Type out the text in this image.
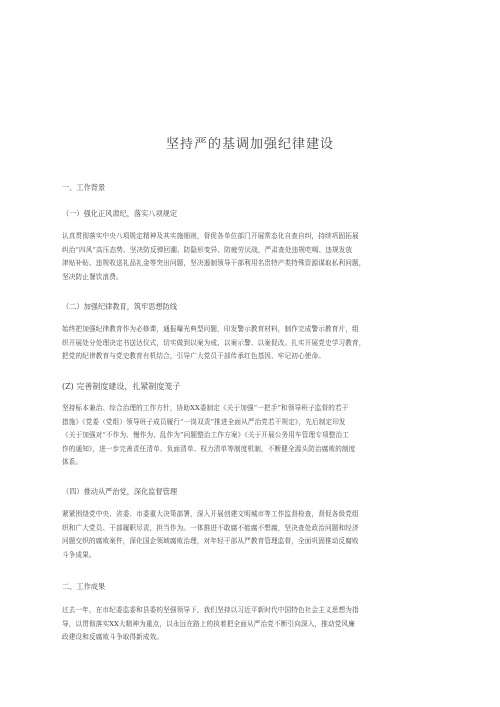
坚持严的基调加强纪律建设
一、工作背景
（一）强化正风肃纪，落实八项规定
认真贯彻落实中央八项规定精神及其实施细则，督促各单位部门开展常态化自查自纠，持续巩固拓展
纠治“四风”高压态势。坚决防反弹回潮、防隐形变异、防疲劳厌战，严肃查处违规吃喝、违规发放
津贴补贴、违规收送礼品礼金等突出问题，坚决遏制领导干部利用名贵特产类特殊资源谋取私利问题，
坚决防止餐饮浪费。
（二）加强纪律教育，筑牢思想防线
始终把加强纪律教育作为必修课，通报曝光典型问题，印发警示教育材料，制作完成警示教育片，组
织开展处分处理决定书送达仪式，切实做到以案为戒、以案示警、以案促改。扎实开展党史学习教育，
把党的纪律教育与党史教育有机结合，引导广大党员干部传承红色基因、牢记初心使命。
(Z) 完善制度建设，扎紧制度笼子
坚持标本兼治、综合治理的工作方针，协助XX委制定《关于加强“一把手”和领导班子监督的若干
措施》《党委（党组）领导班子成员履行“一岗双责”推进全面从严治党若干规定》，先后制定印发
《关于加强对“不作为、慢作为、乱作为”问题整治工作方案》《关于开展公务用车管理专项整治工
作的通知》，进一步完善责任清单、负面清单、权力清单等制度机制，不断健全源头防治腐败的制度
体系。
（四）推动从严治党，深化监督管理
紧紧围绕党中央、省委、市委重大决策部署，深入开展创建文明城市等工作监督检查，督促各级党组
织和广大党员、干部履职尽责，担当作为。一体推进不敢腐不能腐不想腐，坚决查处政治问题和经济
问题交织的腐败案件，深化国企领域腐败治理，对年轻干部从严教育管理监督，全面巩固推动反腐败
斗争成果。
二、工作成果
过去一年，在市纪委监委和县委的坚强领导下，我们坚持以习近平新时代中国特色社会主义思想为指
导，以贯彻落实XX大精神为重点，以永远在路上的执着把全面从严治党不断引向深入，推动党风廉
政建设和反腐败斗争取得新成效。
